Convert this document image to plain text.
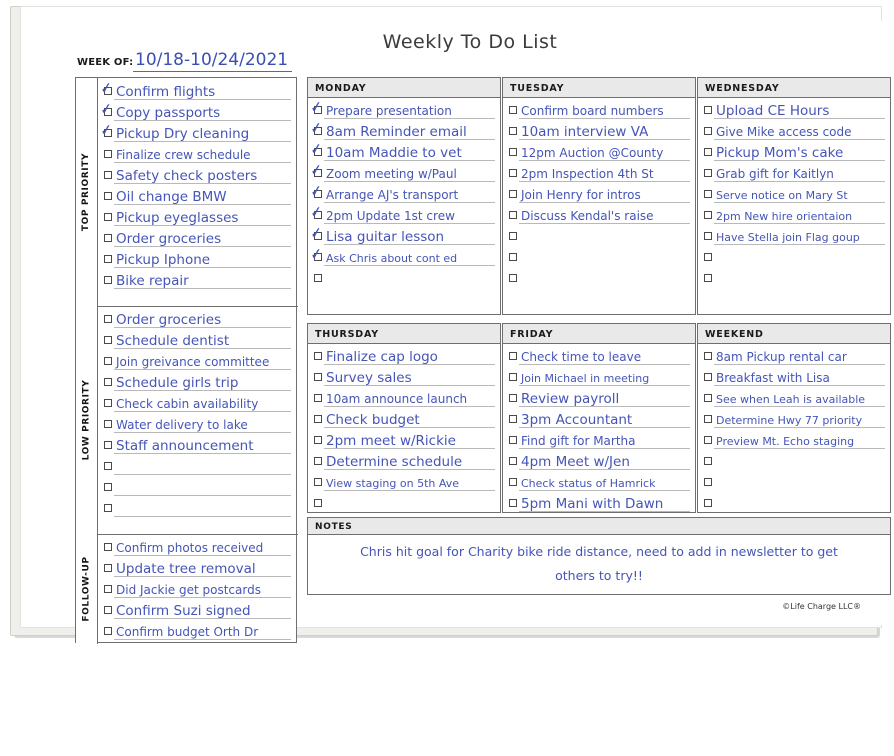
Weekly To Do List
WEEK OF: 10/18-10/24/2021
TOP PRIORITY
✓ Confirm flights
✓ Copy passports
✓ Pickup Dry cleaning
Finalize crew schedule
Safety check posters
Oil change BMW
Pickup eyeglasses
Order groceries
Pickup Iphone
Bike repair
LOW PRIORITY
Order groceries
Schedule dentist
Join greivance committee
Schedule girls trip
Check cabin availability
Water delivery to lake
Staff announcement
FOLLOW-UP
Confirm photos received
Update tree removal
Did Jackie get postcards
Confirm Suzi signed
Confirm budget Orth Dr
MONDAY
✓ Prepare presentation
✓ 8am Reminder email
✓ 10am Maddie to vet
✓ Zoom meeting w/Paul
✓ Arrange AJ's transport
✓ 2pm Update 1st crew
✓ Lisa guitar lesson
✓ Ask Chris about cont ed
TUESDAY
Confirm board numbers
10am interview VA
12pm Auction @County
2pm Inspection 4th St
Join Henry for intros
Discuss Kendal's raise
WEDNESDAY
Upload CE Hours
Give Mike access code
Pickup Mom's cake
Grab gift for Kaitlyn
Serve notice on Mary St
2pm New hire orientaion
Have Stella join Flag goup
THURSDAY
Finalize cap logo
Survey sales
10am announce launch
Check budget
2pm meet w/Rickie
Determine schedule
View staging on 5th Ave
FRIDAY
Check time to leave
Join Michael in meeting
Review payroll
3pm Accountant
Find gift for Martha
4pm Meet w/Jen
Check status of Hamrick
5pm Mani with Dawn
WEEKEND
8am Pickup rental car
Breakfast with Lisa
See when Leah is available
Determine Hwy 77 priority
Preview Mt. Echo staging
NOTES
Chris hit goal for Charity bike ride distance, need to add in newsletter to get
others to try!!
©Life Charge LLC®
